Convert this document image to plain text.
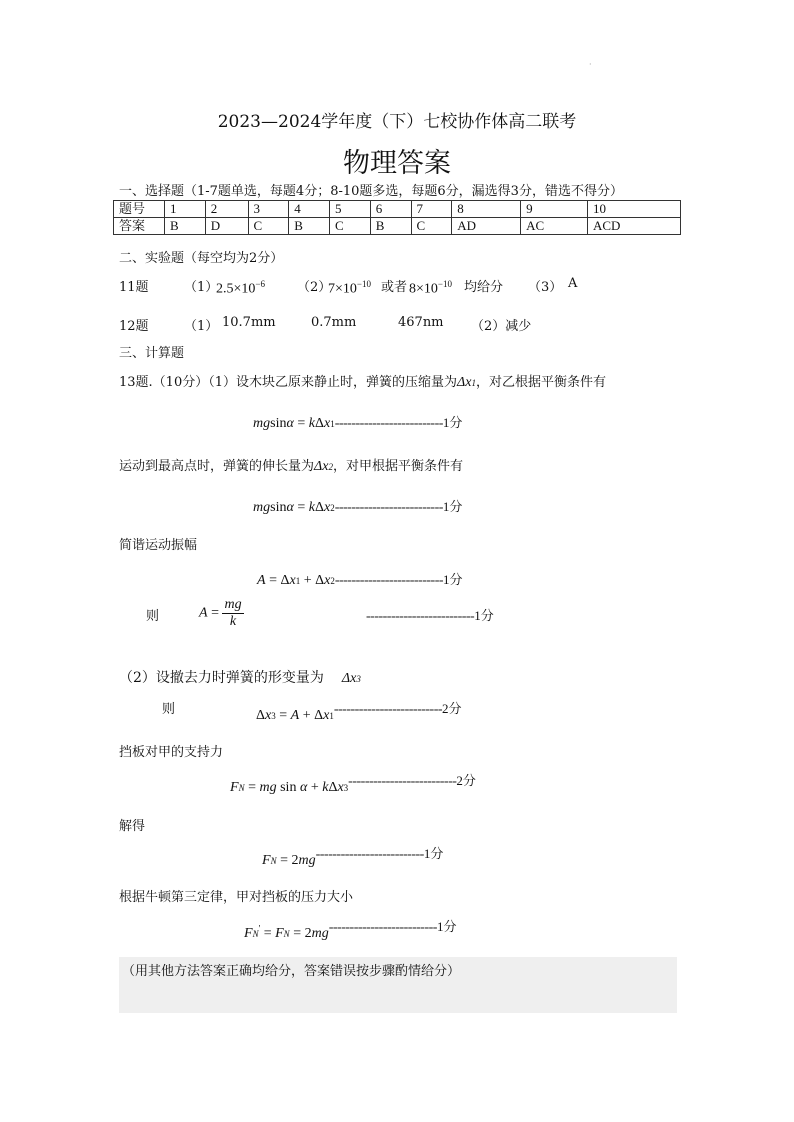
·
2023—2024学年度（下）七校协作体高二联考
物理答案
一、选择题（1-7题单选，每题4分；8-10题多选，每题6分，漏选得3分，错选不得分）
题号	1	2	3	4	5	6	7	8	9	10
答案	B	D	C	B	C	B	C	AD	AC	ACD
二、实验题（每空均为2分）
11题	（1）
$2.5\times 10^{-6}$ （2）
$7\times 10^{-10}$ 或者 $8\times 10^{-10}$ 均给分 （3） A
12题	（1） 10.7mm	0.7mm	467nm （2）减少
三、计算题
13题.（10分）（1）设木块乙原来静止时，弹簧的压缩量为Δx1，对乙根据平衡条件有
mgsinα = kΔx1--------------------------1分
运动到最高点时，弹簧的伸长量为Δx2，对甲根据平衡条件有
mgsinα = kΔx2--------------------------1分
简谐运动振幅
A = Δx1 + Δx2--------------------------1分
则	$A = \frac{mg}{k}$	--------------------------1分
（2）设撤去力时弹簧的形变量为 Δx3
则	Δx3 = A + Δx1--------------------------2分
挡板对甲的支持力
FN = mg sin α + kΔx3--------------------------2分
解得
FN = 2mg--------------------------1分
根据牛顿第三定律，甲对挡板的压力大小
FN' = FN = 2mg--------------------------1分
（用其他方法答案正确均给分，答案错误按步骤酌情给分）
